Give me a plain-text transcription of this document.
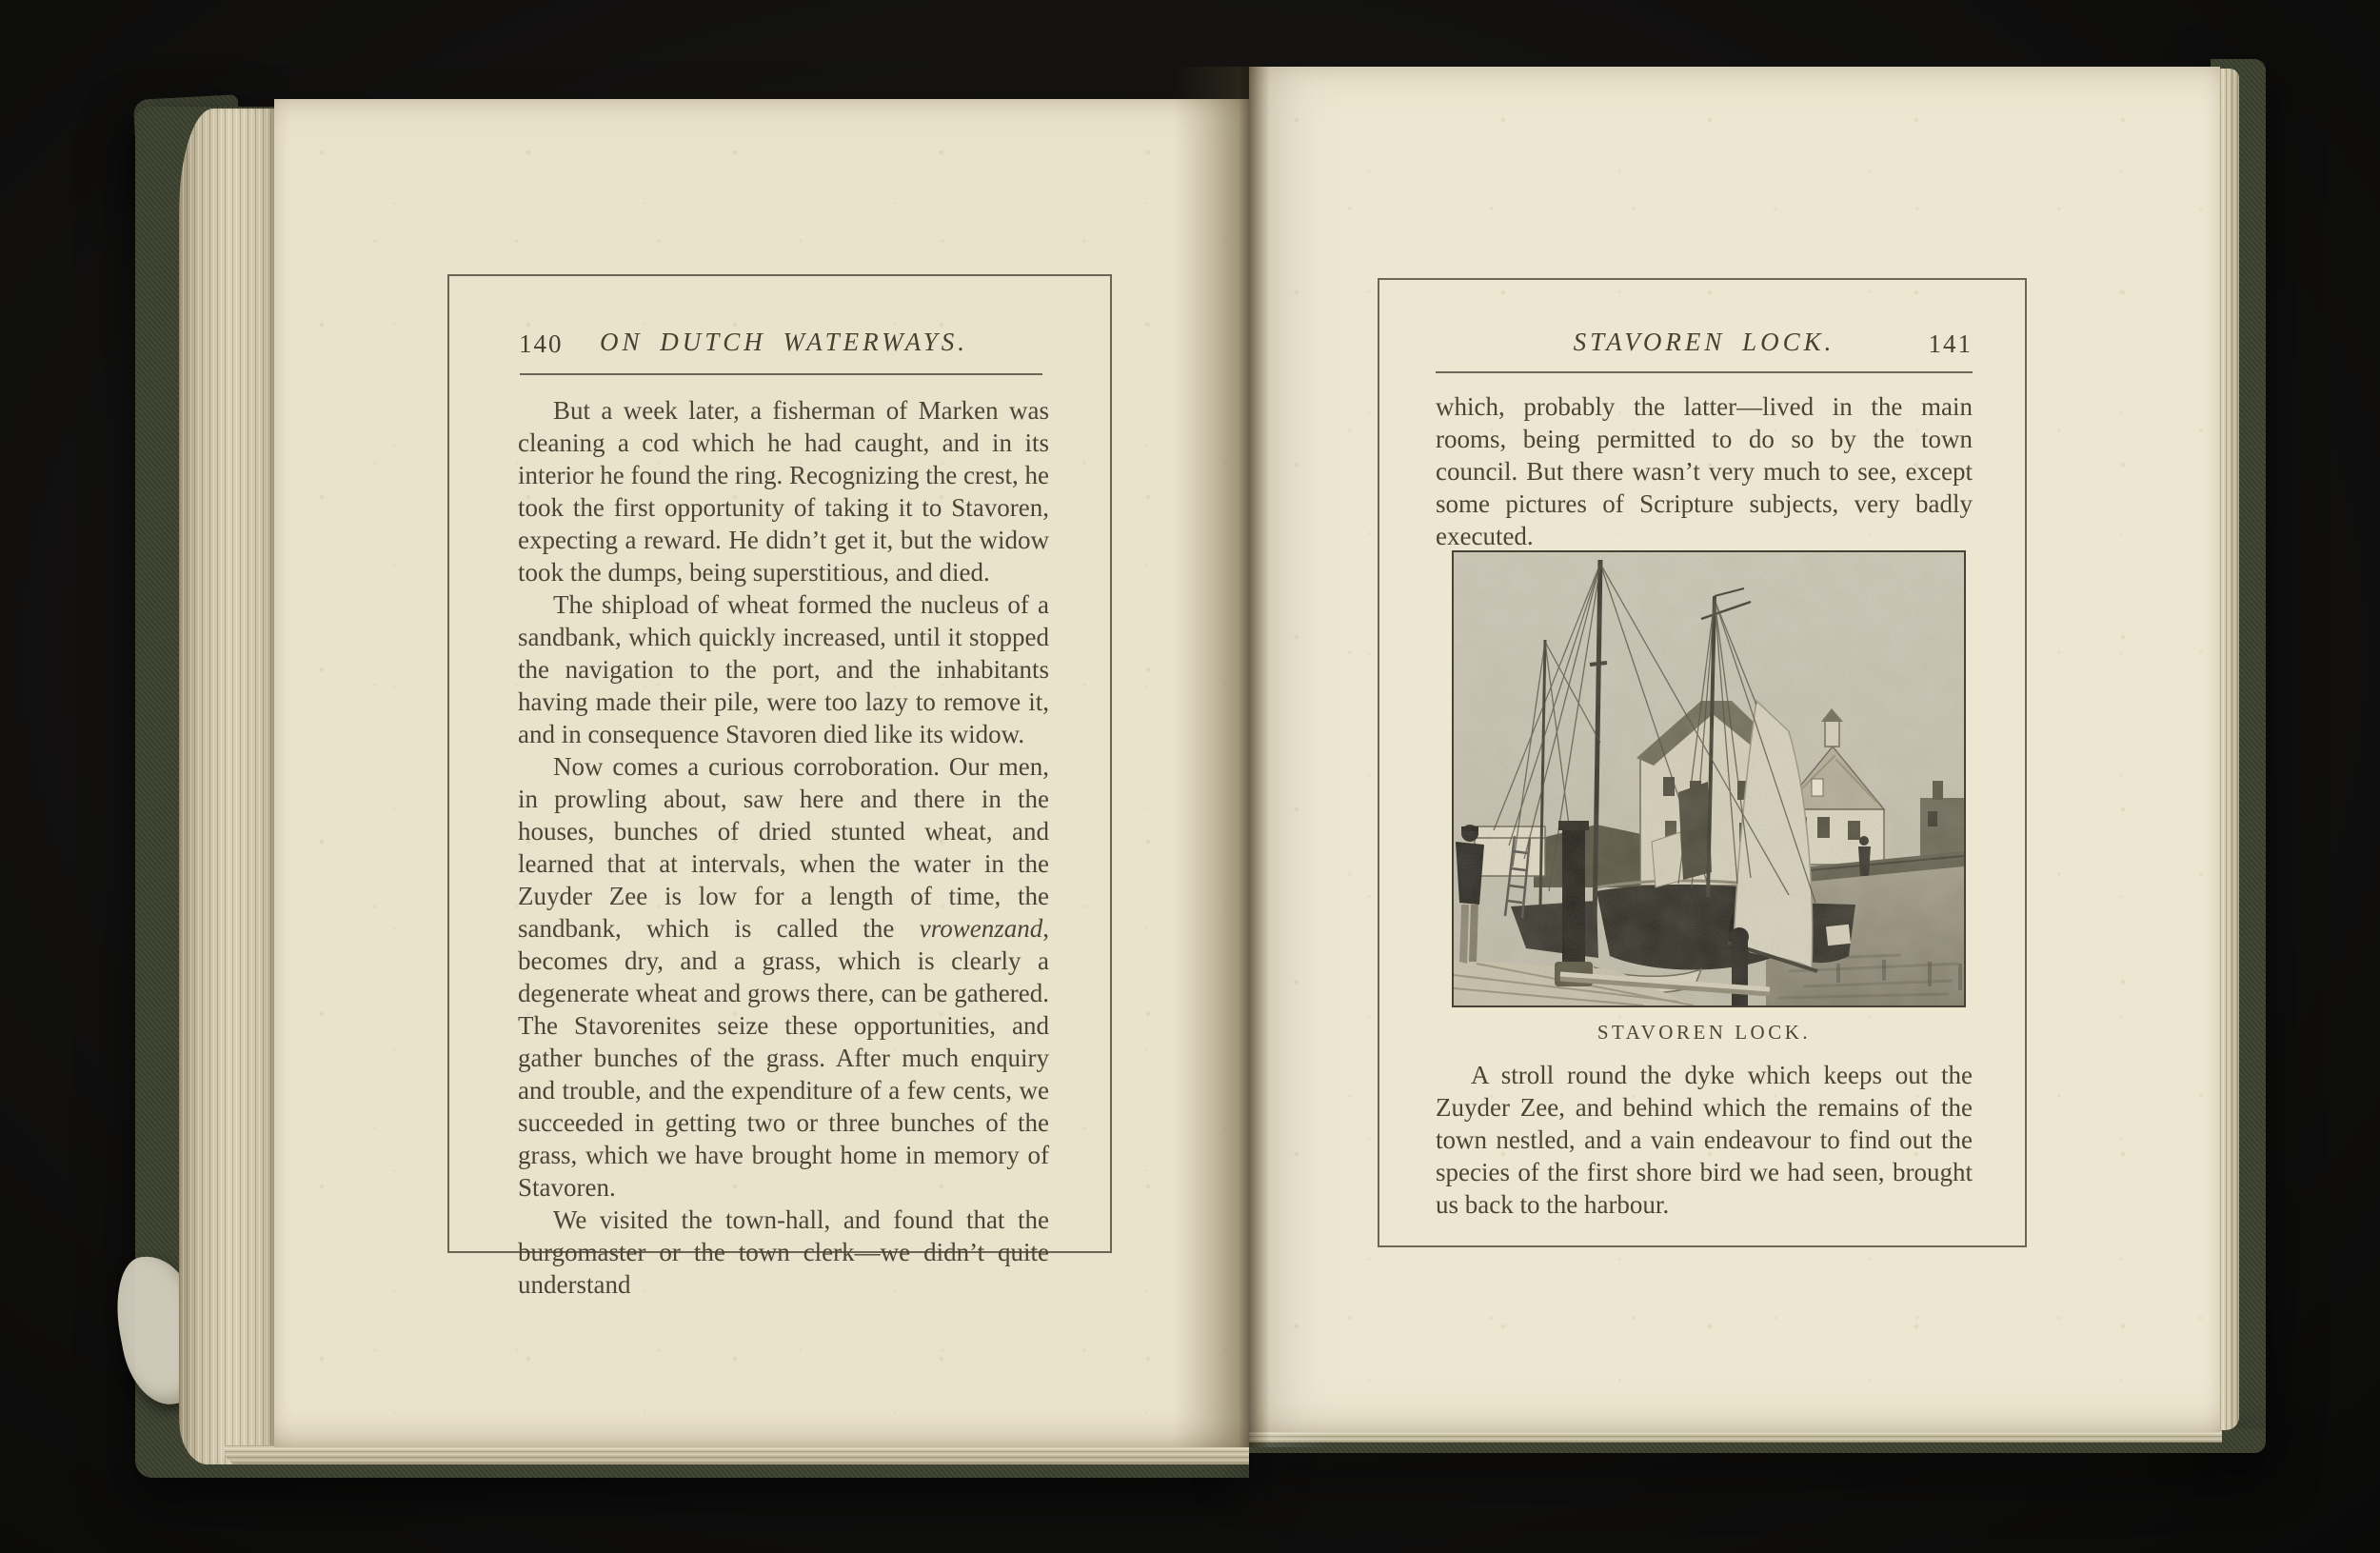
140	ON DUTCH WATERWAYS.

But a week later, a fisherman of Marken was cleaning a cod which he had caught, and in its interior he found the ring. Recognizing the crest, he took the first opportunity of taking it to Stavoren, expecting a reward. He didn’t get it, but the widow took the dumps, being superstitious, and died.

The shipload of wheat formed the nucleus of a sandbank, which quickly increased, until it stopped the navigation to the port, and the inhabitants having made their pile, were too lazy to remove it, and in consequence Stavoren died like its widow.

Now comes a curious corroboration. Our men, in prowling about, saw here and there in the houses, bunches of dried stunted wheat, and learned that at intervals, when the water in the Zuyder Zee is low for a length of time, the sandbank, which is called the vrowenzand, becomes dry, and a grass, which is clearly a degenerate wheat and grows there, can be gathered. The Stavorenites seize these opportunities, and gather bunches of the grass. After much enquiry and trouble, and the expenditure of a few cents, we succeeded in getting two or three bunches of the grass, which we have brought home in memory of Stavoren.

We visited the town-hall, and found that the burgomaster or the town clerk—we didn’t quite understand

STAVOREN LOCK.	141

which, probably the latter—lived in the main rooms, being permitted to do so by the town council. But there wasn’t very much to see, except some pictures of Scripture subjects, very badly executed.

STAVOREN LOCK.

A stroll round the dyke which keeps out the Zuyder Zee, and behind which the remains of the town nestled, and a vain endeavour to find out the species of the first shore bird we had seen, brought us back to the harbour.
